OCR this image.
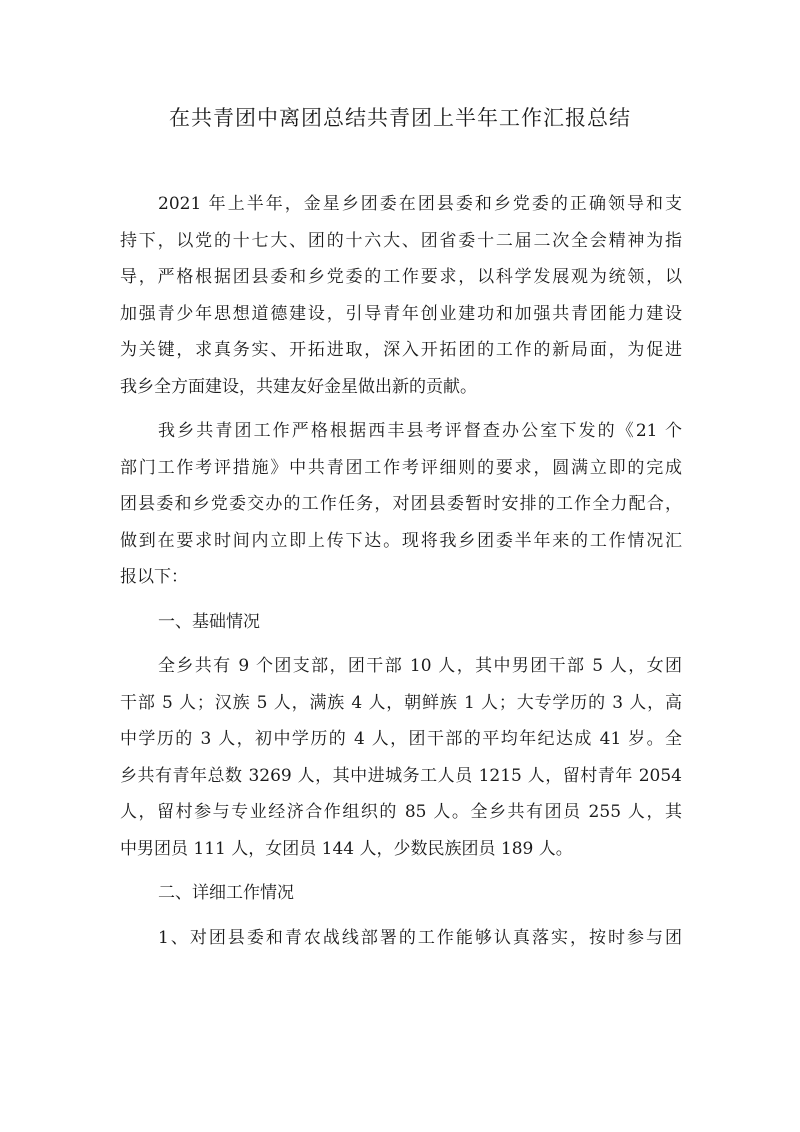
在共青团中离团总结共青团上半年工作汇报总结
2021 年上半年，金星乡团委在团县委和乡党委的正确领导和支
持下，以党的十七大、团的十六大、团省委十二届二次全会精神为指
导，严格根据团县委和乡党委的工作要求，以科学发展观为统领，以
加强青少年思想道德建设，引导青年创业建功和加强共青团能力建设
为关键，求真务实、开拓进取，深入开拓团的工作的新局面，为促进
我乡全方面建设，共建友好金星做出新的贡献。
我乡共青团工作严格根据西丰县考评督查办公室下发的《21 个
部门工作考评措施》中共青团工作考评细则的要求，圆满立即的完成
团县委和乡党委交办的工作任务，对团县委暂时安排的工作全力配合，
做到在要求时间内立即上传下达。现将我乡团委半年来的工作情况汇
报以下：
一、基础情况
全乡共有 9 个团支部，团干部 10 人，其中男团干部 5 人，女团
干部 5 人；汉族 5 人，满族 4 人，朝鲜族 1 人；大专学历的 3 人，高
中学历的 3 人，初中学历的 4 人，团干部的平均年纪达成 41 岁。全
乡共有青年总数 3269 人，其中进城务工人员 1215 人，留村青年 2054
人，留村参与专业经济合作组织的 85 人。全乡共有团员 255 人，其
中男团员 111 人，女团员 144 人，少数民族团员 189 人。
二、详细工作情况
1、对团县委和青农战线部署的工作能够认真落实，按时参与团
